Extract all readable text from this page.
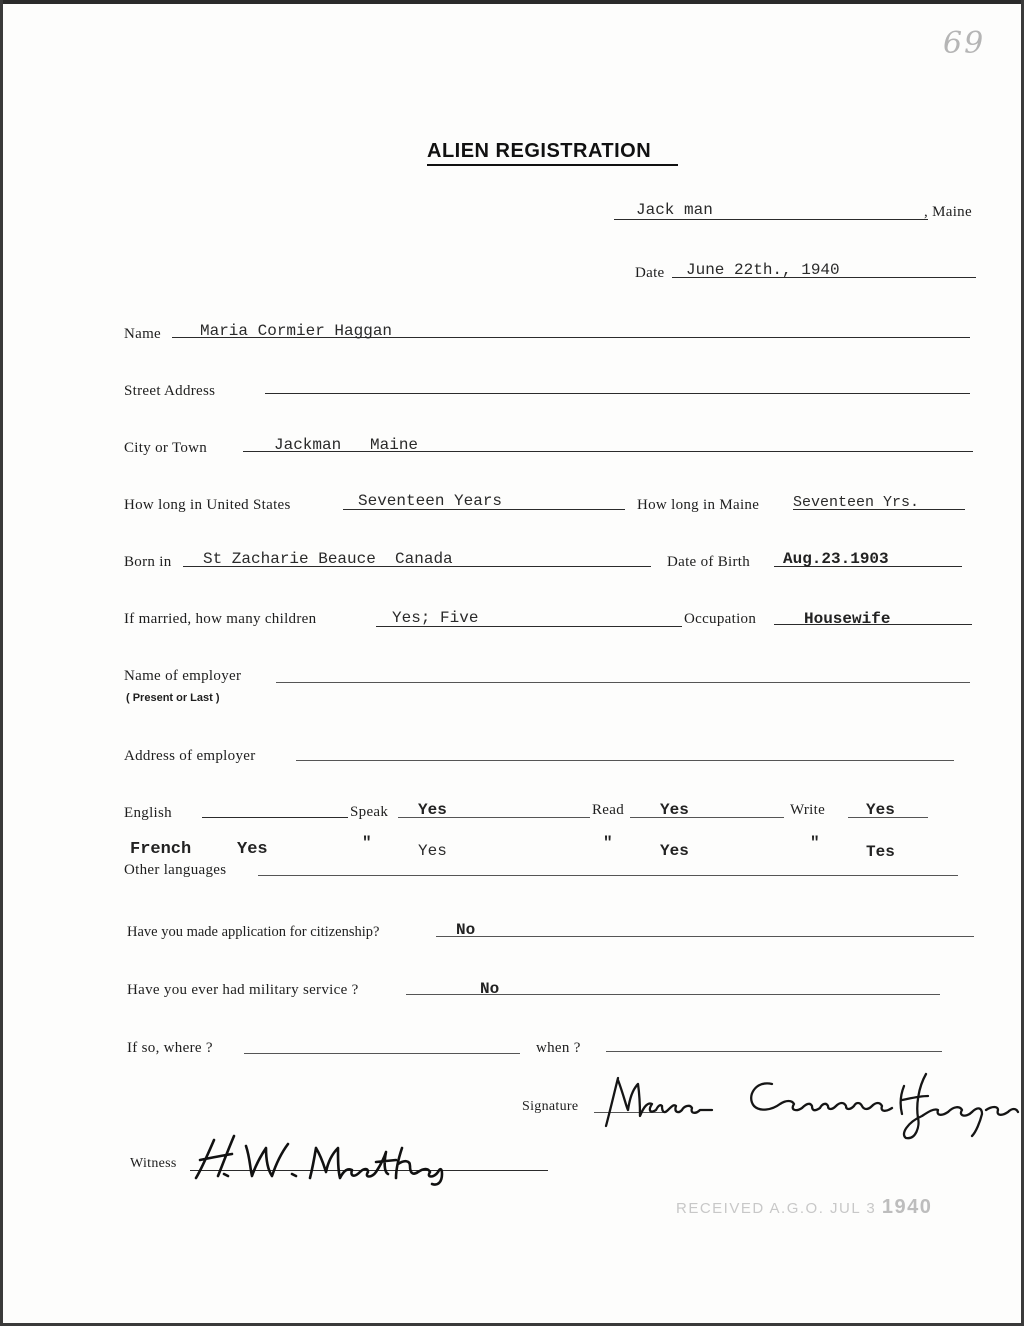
69
ALIEN REGISTRATION
Jack man	, Maine
Date June 22th., 1940
Name Maria Cormier Haggan
Street Address
City or Town	Jackman   Maine
How long in United States	Seventeen Years	How long in Maine Seventeen Yrs.
Born in St Zacharie Beauce  Canada	Date of Birth Aug.23.1903
If married, how many children	Yes; Five	Occupation	Housewife
Name of employer
( Present or Last )
Address of employer
English	Speak Yes	Read Yes	Write	Yes
French	Yes	"	Yes	"	Yes	"	Tes
Other languages
Have you made application for citizenship?	No
Have you ever had military service ?	No
If so, where ?	when ?
Signature
Witness
RECEIVED A.G.O. JUL 3 1940
